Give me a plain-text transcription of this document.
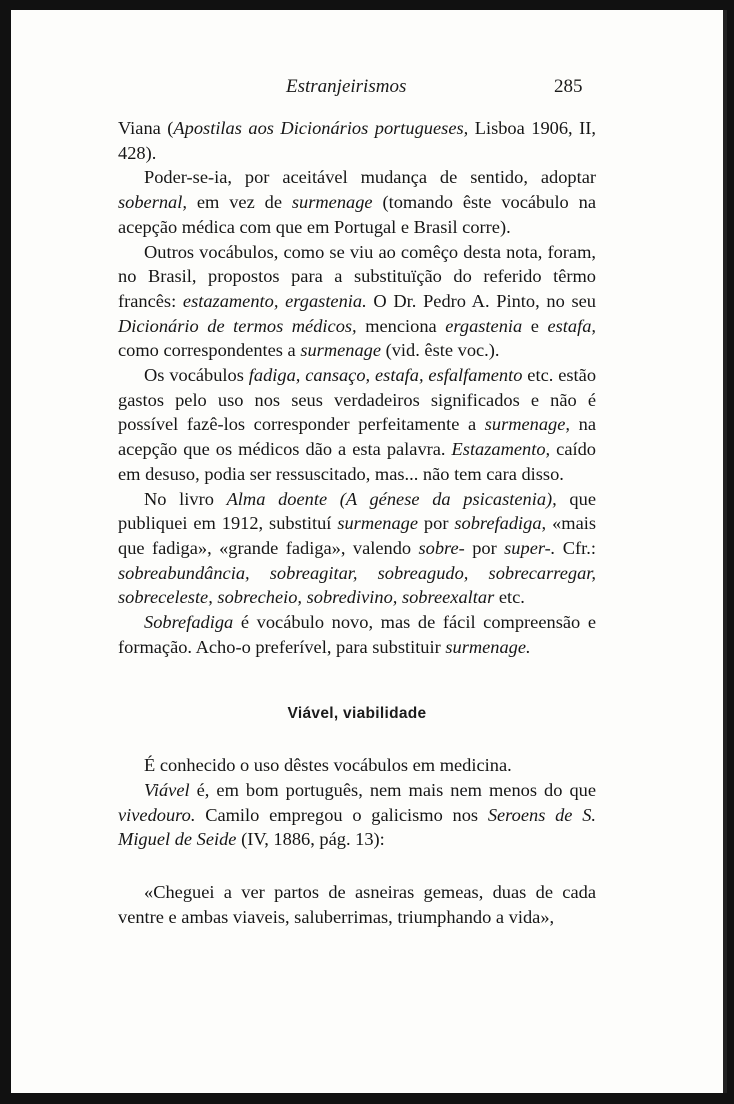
Estranjeirismos	285

Viana (Apostilas aos Dicionários portugueses, Lisboa 1906, II, 428).

Poder-se-ia, por aceitável mudança de sentido, adoptar sobernal, em vez de surmenage (tomando êste vocábulo na acepção médica com que em Portugal e Brasil corre).

Outros vocábulos, como se viu ao comêço desta nota, foram, no Brasil, propostos para a substituïção do referido têrmo francês: estazamento, ergastenia. O Dr. Pedro A. Pinto, no seu Dicionário de termos médicos, menciona ergastenia e estafa, como correspondentes a surmenage (vid. êste voc.).

Os vocábulos fadiga, cansaço, estafa, esfalfamento etc. estão gastos pelo uso nos seus verdadeiros significados e não é possível fazê-los corresponder perfeitamente a surmenage, na acepção que os médicos dão a esta palavra. Estazamento, caído em desuso, podia ser ressuscitado, mas... não tem cara disso.

No livro Alma doente (A génese da psicastenia), que publiquei em 1912, substituí surmenage por sobrefadiga, «mais que fadiga», «grande fadiga», valendo sobre- por super-. Cfr.: sobreabundância, sobreagitar, sobreagudo, sobrecarregar, sobreceleste, sobrecheio, sobredivino, sobreexaltar etc.

Sobrefadiga é vocábulo novo, mas de fácil compreensão e formação. Acho-o preferível, para substituir surmenage.

Viável, viabilidade

É conhecido o uso dêstes vocábulos em medicina.

Viável é, em bom português, nem mais nem menos do que vivedouro. Camilo empregou o galicismo nos Seroens de S. Miguel de Seide (IV, 1886, pág. 13):

«Cheguei a ver partos de asneiras gemeas, duas de cada ventre e ambas viaveis, saluberrimas, triumphando a vida»,
